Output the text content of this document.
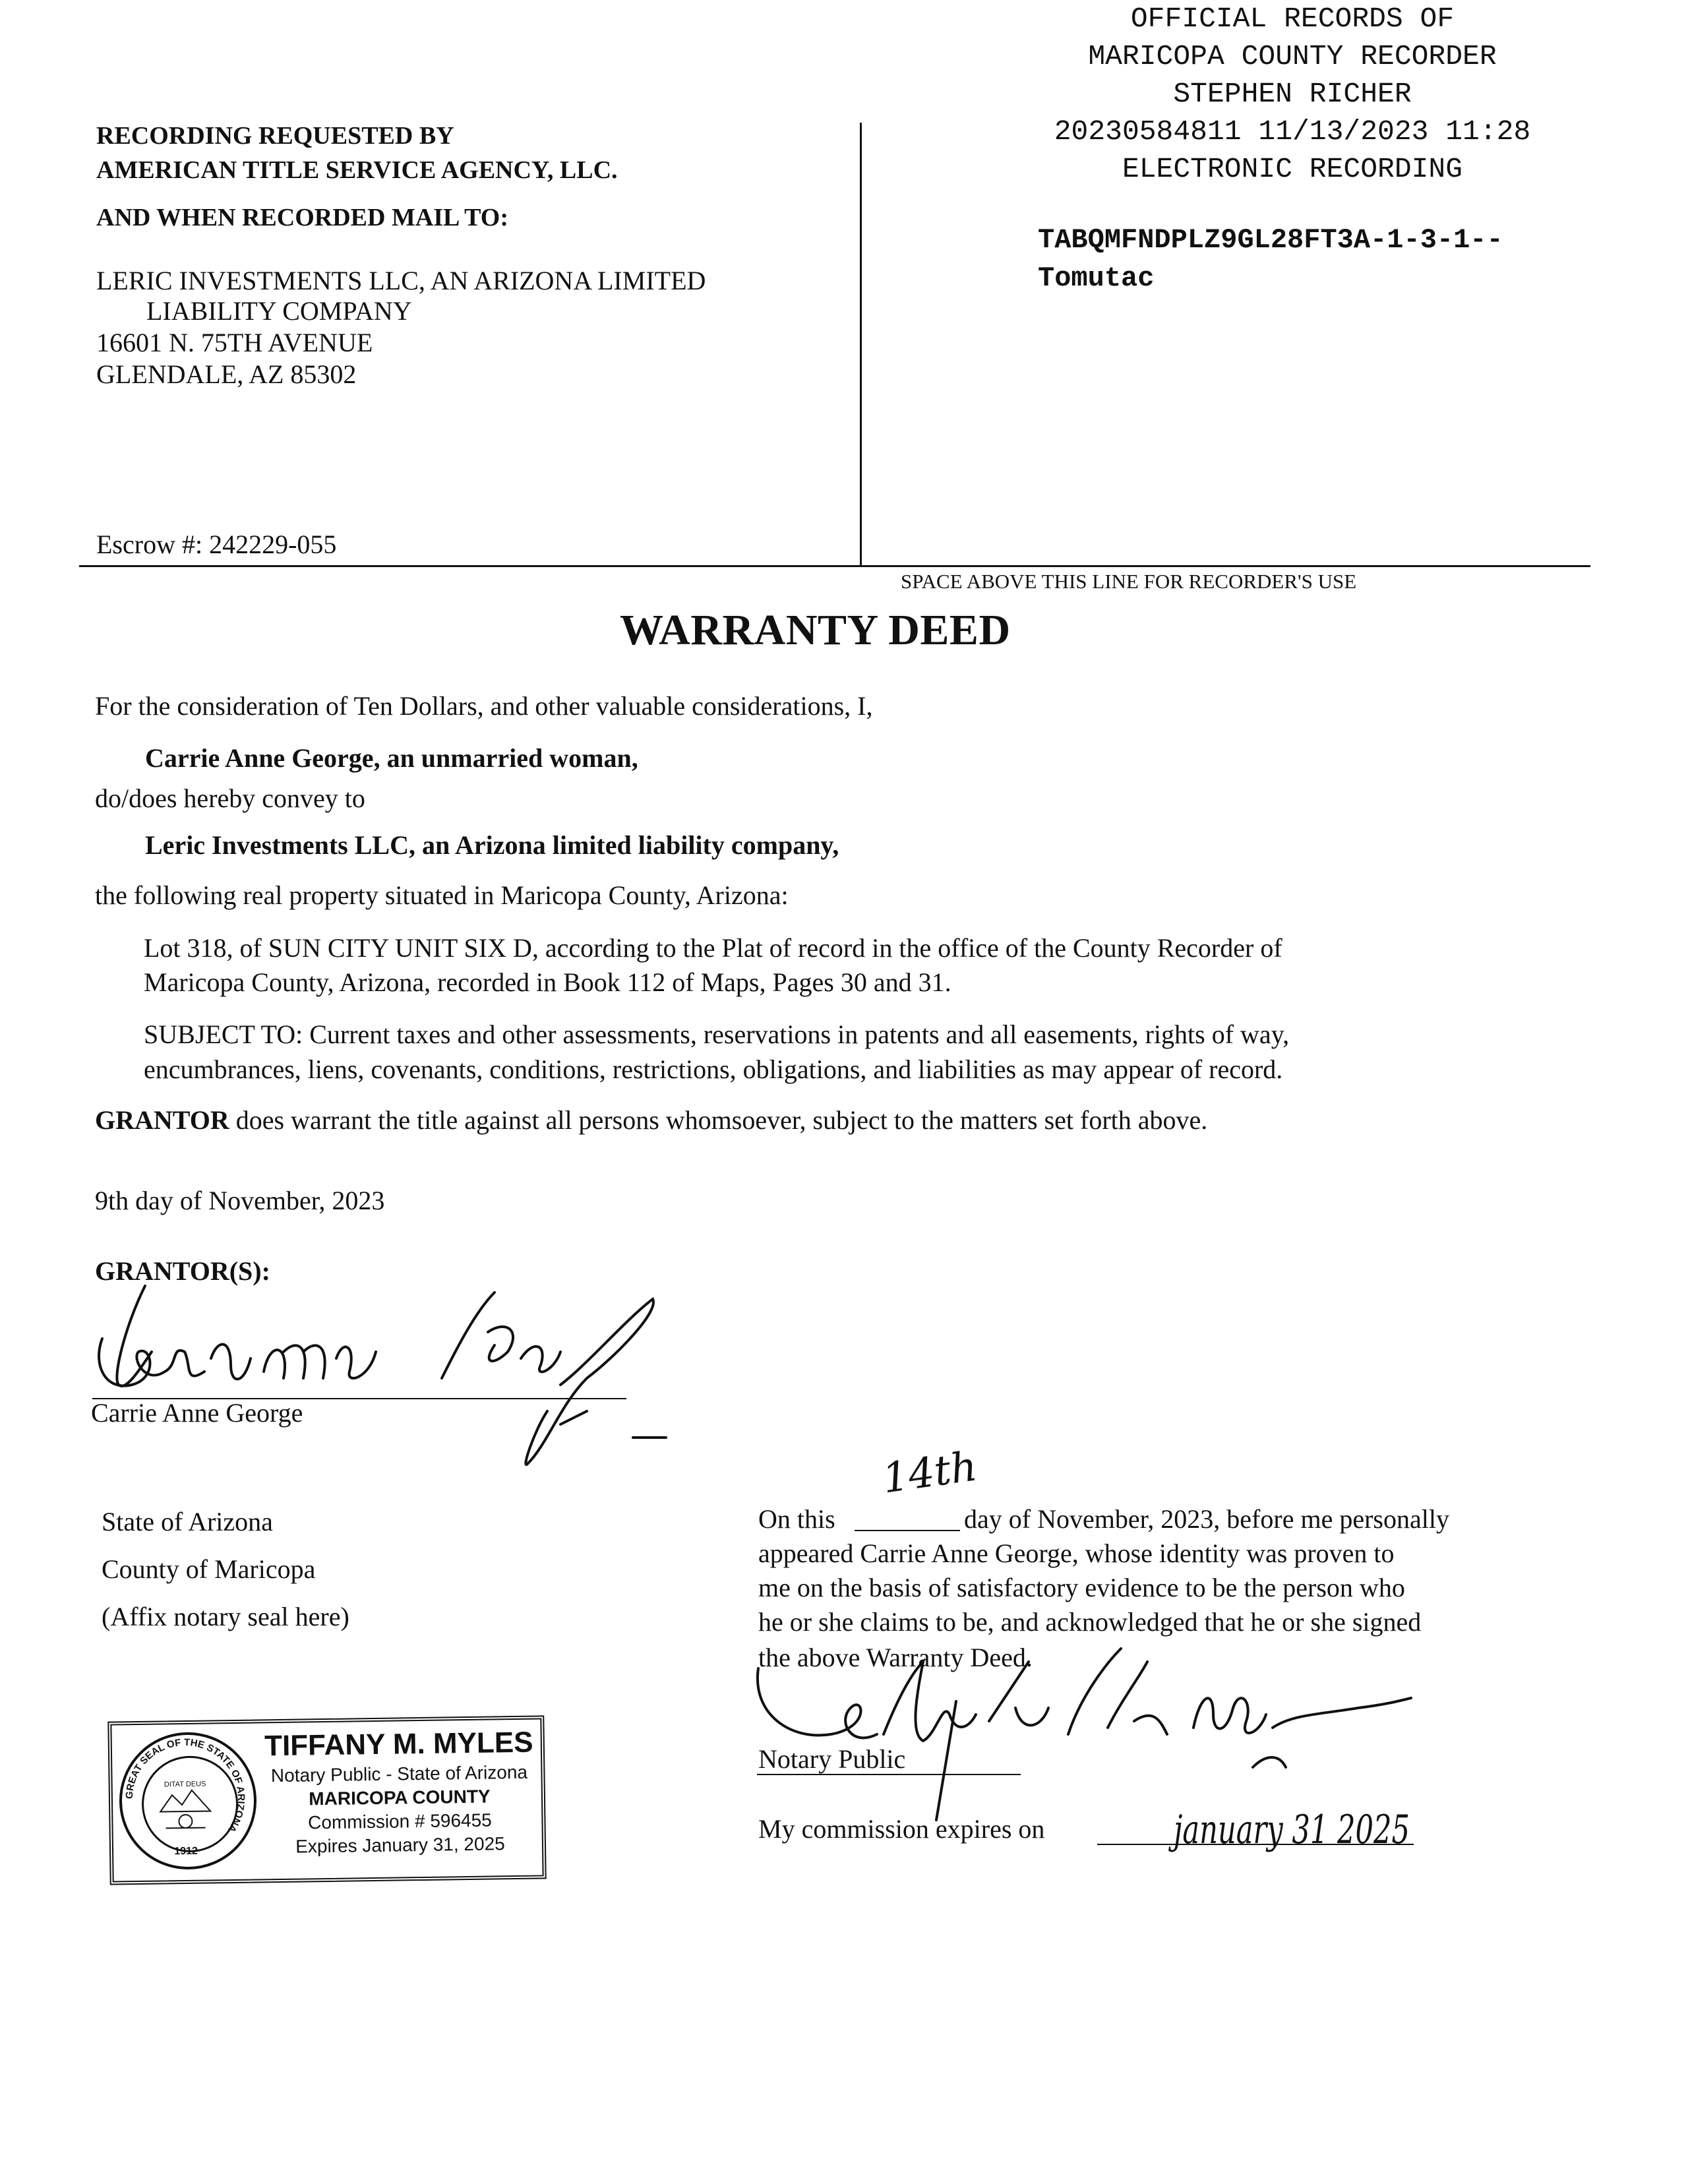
RECORDING REQUESTED BY
AMERICAN TITLE SERVICE AGENCY, LLC.
AND WHEN RECORDED MAIL TO:
LERIC INVESTMENTS LLC, AN ARIZONA LIMITED
LIABILITY COMPANY
16601 N. 75TH AVENUE
GLENDALE, AZ 85302
Escrow #: 242229-055
OFFICIAL RECORDS OF
MARICOPA COUNTY RECORDER
STEPHEN RICHER
20230584811 11/13/2023 11:28
ELECTRONIC RECORDING
TABQMFNDPLZ9GL28FT3A-1-3-1--
Tomutac
SPACE ABOVE THIS LINE FOR RECORDER'S USE
WARRANTY DEED
For the consideration of Ten Dollars, and other valuable considerations, I,
Carrie Anne George, an unmarried woman,
do/does hereby convey to
Leric Investments LLC, an Arizona limited liability company,
the following real property situated in Maricopa County, Arizona:
Lot 318, of SUN CITY UNIT SIX D, according to the Plat of record in the office of the County Recorder of
Maricopa County, Arizona, recorded in Book 112 of Maps, Pages 30 and 31.
SUBJECT TO: Current taxes and other assessments, reservations in patents and all easements, rights of way,
encumbrances, liens, covenants, conditions, restrictions, obligations, and liabilities as may appear of record.
GRANTOR does warrant the title against all persons whomsoever, subject to the matters set forth above.
9th day of November, 2023
GRANTOR(S):
Carrie Anne George
State of Arizona
County of Maricopa
(Affix notary seal here)
GREAT SEAL OF THE STATE OF ARIZONA
1912
DITAT DEUS
TIFFANY M. MYLES
Notary Public - State of Arizona
MARICOPA COUNTY
Commission # 596455
Expires January 31, 2025
On this
14th
day of November, 2023, before me personally
appeared Carrie Anne George, whose identity was proven to
me on the basis of satisfactory evidence to be the person who
he or she claims to be, and acknowledged that he or she signed
the above Warranty Deed.
Notary Public
My commission expires on	january 31 2025
